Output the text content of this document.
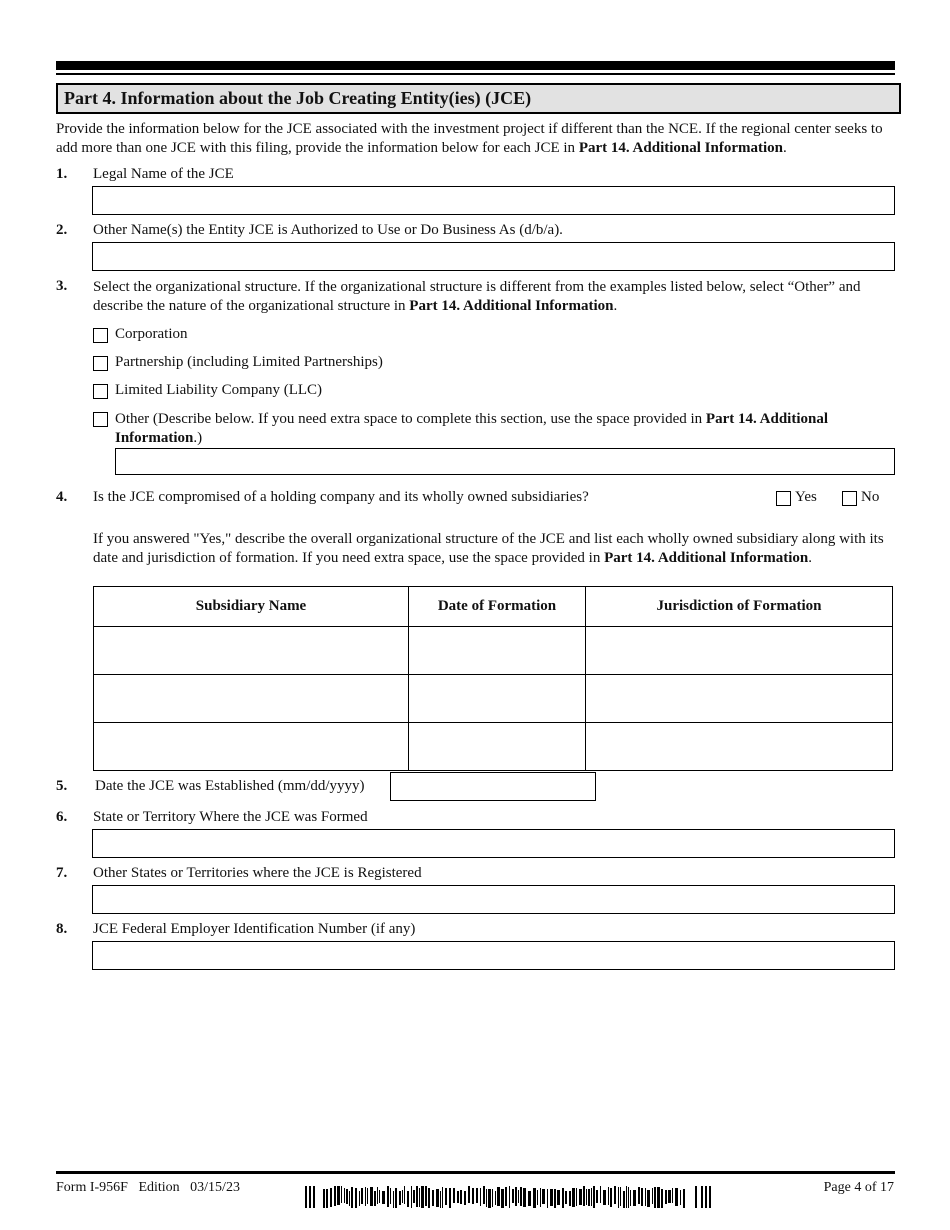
Part 4. Information about the Job Creating Entity(ies) (JCE)
Provide the information below for the JCE associated with the investment project if different than the NCE. If the regional center seeks to add more than one JCE with this filing, provide the information below for each JCE in Part 14. Additional Information.
1. Legal Name of the JCE
2. Other Name(s) the Entity JCE is Authorized to Use or Do Business As (d/b/a).
3. Select the organizational structure. If the organizational structure is different from the examples listed below, select “Other” and describe the nature of the organizational structure in Part 14. Additional Information.
Corporation
Partnership (including Limited Partnerships)
Limited Liability Company (LLC)
Other (Describe below. If you need extra space to complete this section, use the space provided in Part 14. Additional Information.)
4. Is the JCE compromised of a holding company and its wholly owned subsidiaries?	Yes	No
If you answered "Yes," describe the overall organizational structure of the JCE and list each wholly owned subsidiary along with its date and jurisdiction of formation. If you need extra space, use the space provided in Part 14. Additional Information.
Subsidiary Name	Date of Formation	Jurisdiction of Formation

5. Date the JCE was Established (mm/dd/yyyy)
6. State or Territory Where the JCE was Formed
7. Other States or Territories where the JCE is Registered
8. JCE Federal Employer Identification Number (if any)
Form I-956F   Edition   03/15/23	Page 4 of 17
